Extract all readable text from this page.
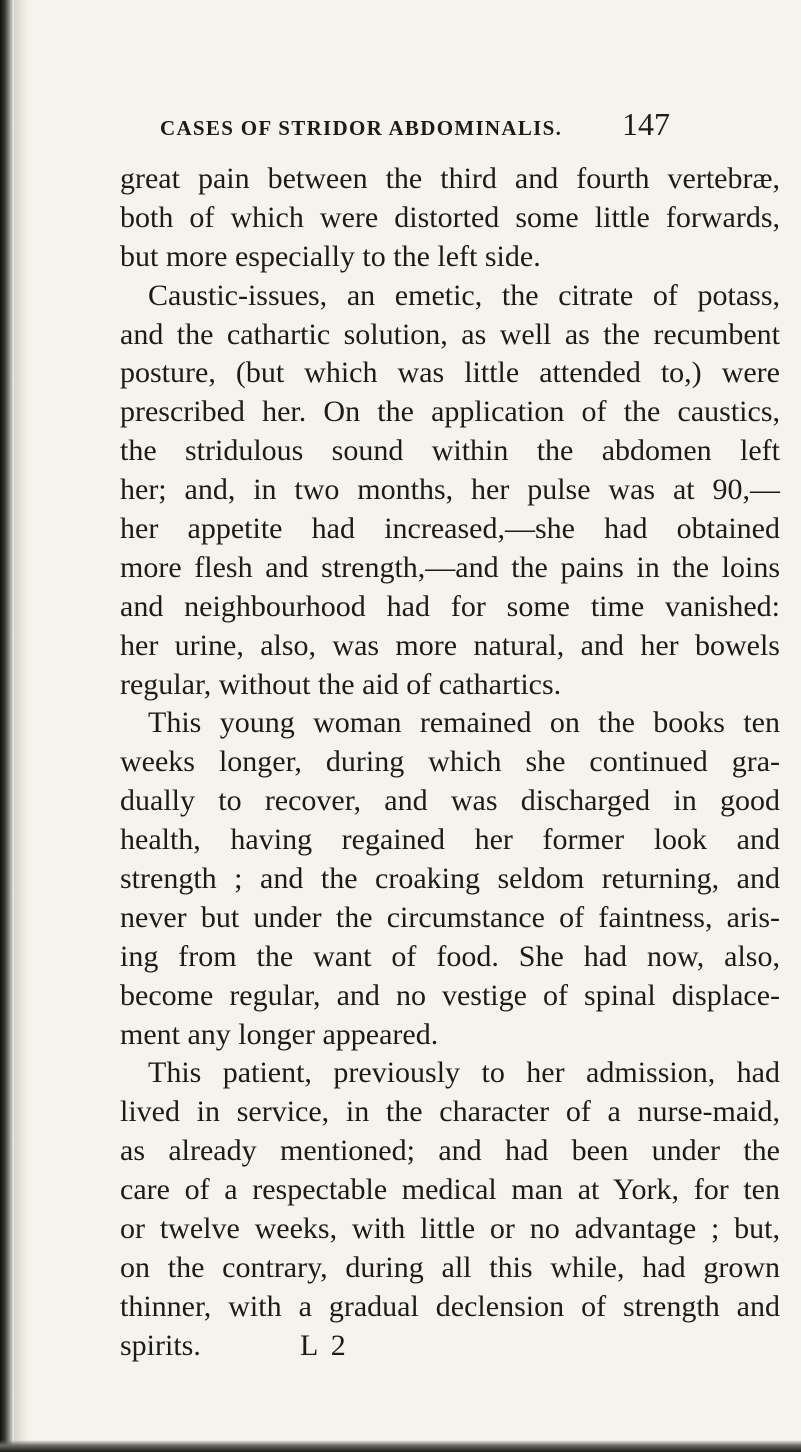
CASES OF STRIDOR ABDOMINALIS. 147
great pain between the third and fourth vertebræ,
both of which were distorted some little forwards,
but more especially to the left side.
Caustic-issues, an emetic, the citrate of potass,
and the cathartic solution, as well as the recumbent
posture, (but which was little attended to,) were
prescribed her. On the application of the caustics,
the stridulous sound within the abdomen left
her; and, in two months, her pulse was at 90,—
her appetite had increased,—she had obtained
more flesh and strength,—and the pains in the loins
and neighbourhood had for some time vanished:
her urine, also, was more natural, and her bowels
regular, without the aid of cathartics.
This young woman remained on the books ten
weeks longer, during which she continued gra-
dually to recover, and was discharged in good
health, having regained her former look and
strength ; and the croaking seldom returning, and
never but under the circumstance of faintness, aris-
ing from the want of food. She had now, also,
become regular, and no vestige of spinal displace-
ment any longer appeared.
This patient, previously to her admission, had
lived in service, in the character of a nurse-maid,
as already mentioned; and had been under the
care of a respectable medical man at York, for ten
or twelve weeks, with little or no advantage ; but,
on the contrary, during all this while, had grown
thinner, with a gradual declension of strength and
spirits.	L 2
